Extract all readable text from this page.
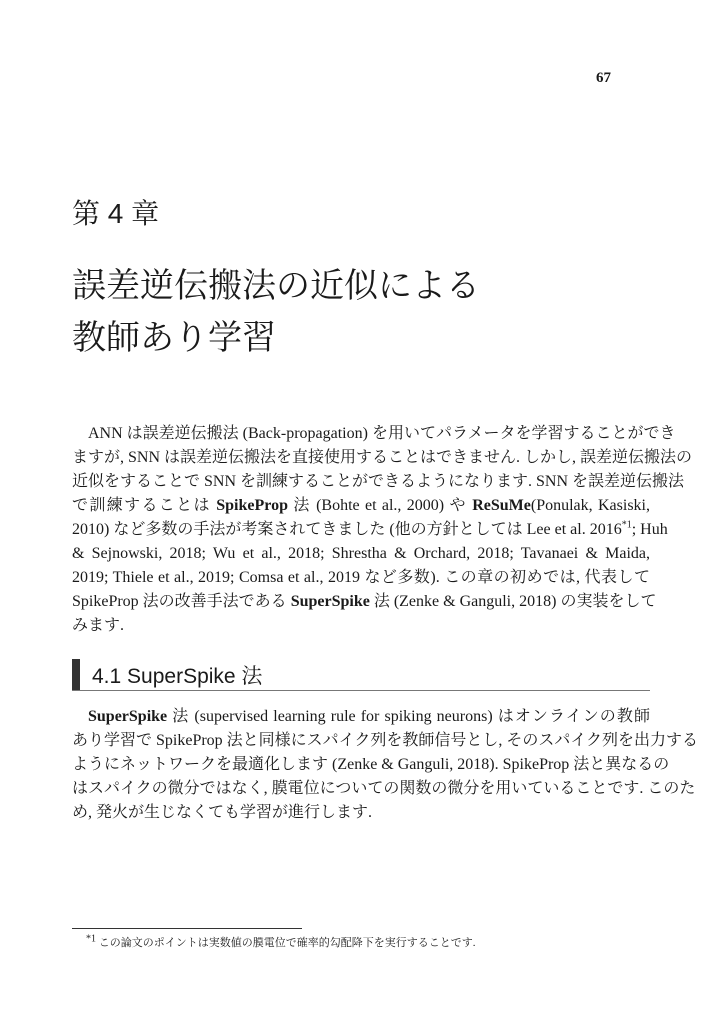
67
第 4 章
誤差逆伝搬法の近似による
教師あり学習
ANN は誤差逆伝搬法 (Back-propagation) を用いてパラメータを学習することができ
ますが, SNN は誤差逆伝搬法を直接使用することはできません. しかし, 誤差逆伝搬法の
近似をすることで SNN を訓練することができるようになります. SNN を誤差逆伝搬法
で訓練することは SpikeProp 法 (Bohte et al., 2000) や ReSuMe(Ponulak, Kasiski,
2010) など多数の手法が考案されてきました (他の方針としては Lee et al. 2016$^{*1}$; Huh
& Sejnowski, 2018; Wu et al., 2018; Shrestha & Orchard, 2018; Tavanaei & Maida,
2019; Thiele et al., 2019; Comsa et al., 2019 など多数). この章の初めでは, 代表して
SpikeProp 法の改善手法である SuperSpike 法 (Zenke & Ganguli, 2018) の実装をして
みます.
4.1 SuperSpike 法
SuperSpike 法 (supervised learning rule for spiking neurons) はオンラインの教師
あり学習で SpikeProp 法と同様にスパイク列を教師信号とし, そのスパイク列を出力する
ようにネットワークを最適化します (Zenke & Ganguli, 2018). SpikeProp 法と異なるの
はスパイクの微分ではなく, 膜電位についての関数の微分を用いていることです. このた
め, 発火が生じなくても学習が進行します.
$^{*1}$ この論文のポイントは実数値の膜電位で確率的勾配降下を実行することです.
